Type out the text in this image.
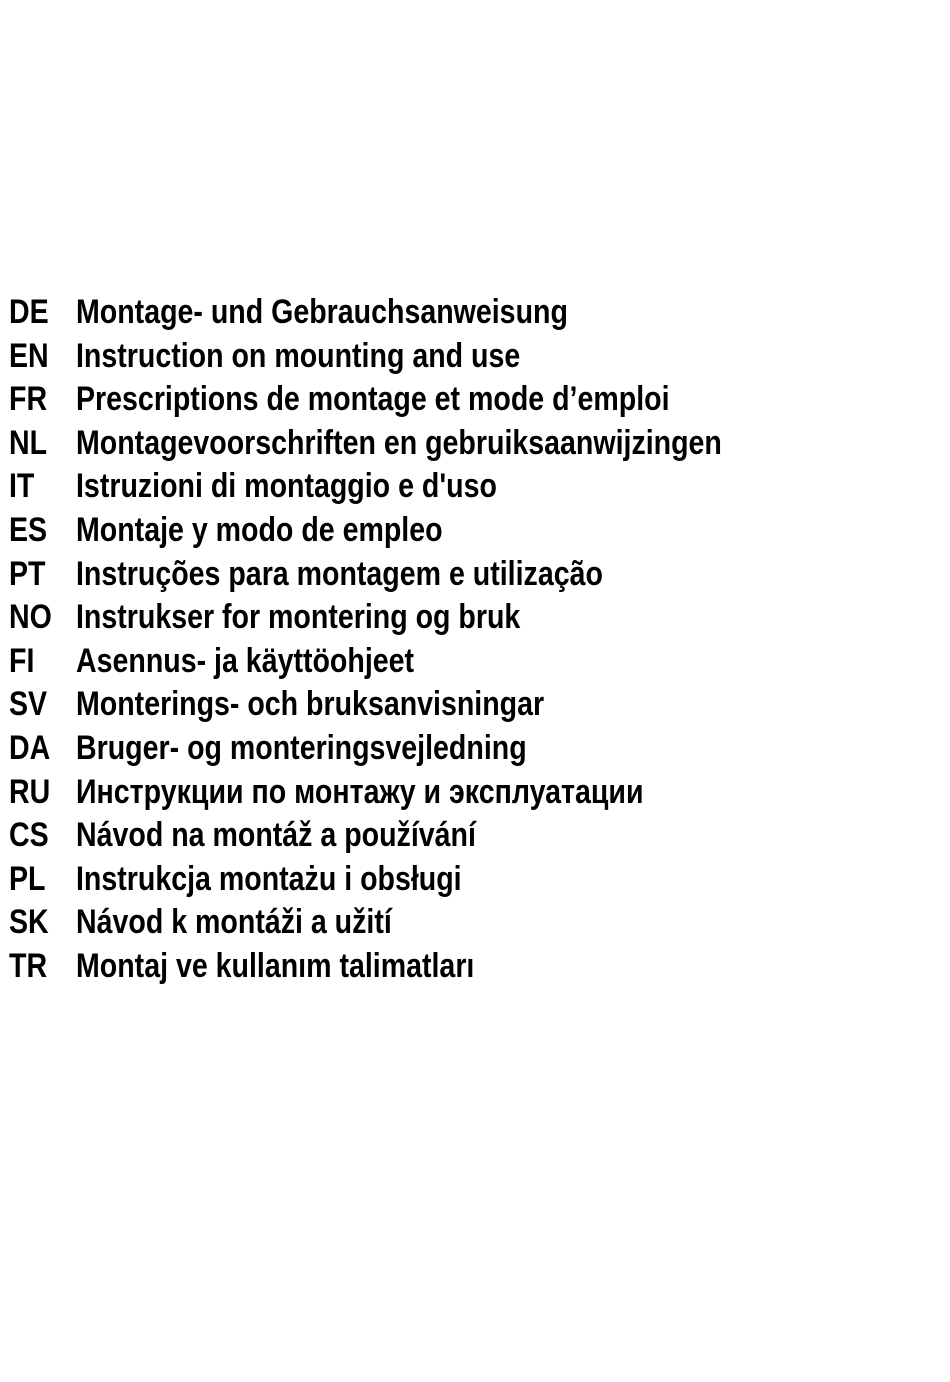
DE Montage- und Gebrauchsanweisung
EN Instruction on mounting and use
FR Prescriptions de montage et mode d’emploi
NL Montagevoorschriften en gebruiksaanwijzingen
IT	Istruzioni di montaggio e d'uso
ES Montaje y modo de empleo
PT Instruções para montagem e utilização
NO Instrukser for montering og bruk
FI	Asennus- ja käyttöohjeet
SV Monterings- och bruksanvisningar
DA Bruger- og monteringsvejledning
RU Инструкции по монтажу и эксплуатации
CS Návod na montáž a používání
PL Instrukcja montażu i obsługi
SK Návod k montáži a užití
TR Montaj ve kullanım talimatları
